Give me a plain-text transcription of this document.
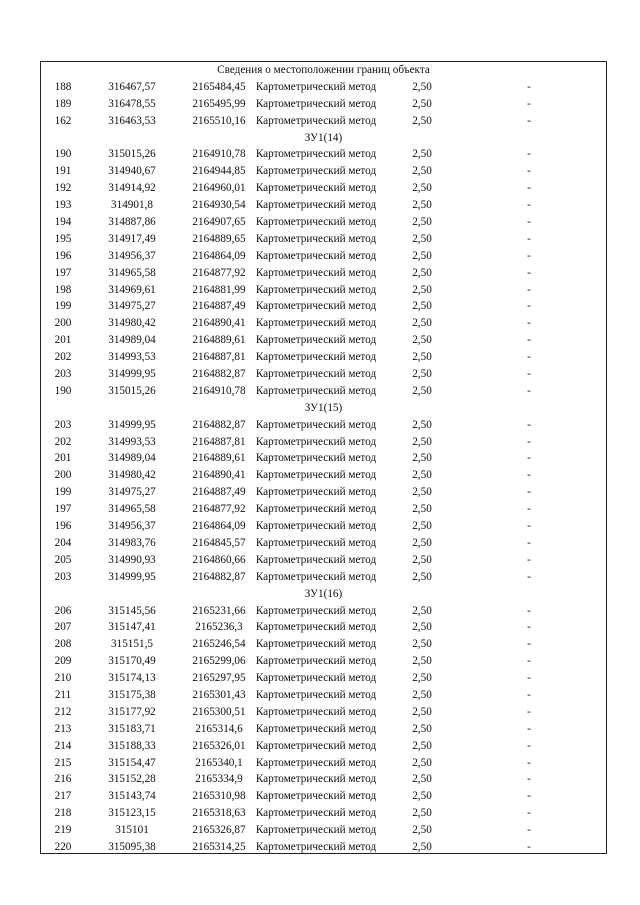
Сведения о местоположении границ объекта
188	316467,57	2165484,45 Картометрический метод	2,50	-
189	316478,55	2165495,99 Картометрический метод	2,50	-
162	316463,53	2165510,16 Картометрический метод	2,50	-
ЗУ1(14)
190	315015,26	2164910,78 Картометрический метод	2,50	-
191	314940,67	2164944,85 Картометрический метод	2,50	-
192	314914,92	2164960,01 Картометрический метод	2,50	-
193	314901,8	2164930,54 Картометрический метод	2,50	-
194	314887,86	2164907,65 Картометрический метод	2,50	-
195	314917,49	2164889,65 Картометрический метод	2,50	-
196	314956,37	2164864,09 Картометрический метод	2,50	-
197	314965,58	2164877,92 Картометрический метод	2,50	-
198	314969,61	2164881,99 Картометрический метод	2,50	-
199	314975,27	2164887,49 Картометрический метод	2,50	-
200	314980,42	2164890,41 Картометрический метод	2,50	-
201	314989,04	2164889,61 Картометрический метод	2,50	-
202	314993,53	2164887,81 Картометрический метод	2,50	-
203	314999,95	2164882,87 Картометрический метод	2,50	-
190	315015,26	2164910,78 Картометрический метод	2,50	-
ЗУ1(15)
203	314999,95	2164882,87 Картометрический метод	2,50	-
202	314993,53	2164887,81 Картометрический метод	2,50	-
201	314989,04	2164889,61 Картометрический метод	2,50	-
200	314980,42	2164890,41 Картометрический метод	2,50	-
199	314975,27	2164887,49 Картометрический метод	2,50	-
197	314965,58	2164877,92 Картометрический метод	2,50	-
196	314956,37	2164864,09 Картометрический метод	2,50	-
204	314983,76	2164845,57 Картометрический метод	2,50	-
205	314990,93	2164860,66 Картометрический метод	2,50	-
203	314999,95	2164882,87 Картометрический метод	2,50	-
ЗУ1(16)
206	315145,56	2165231,66 Картометрический метод	2,50	-
207	315147,41	2165236,3	Картометрический метод	2,50	-
208	315151,5	2165246,54 Картометрический метод	2,50	-
209	315170,49	2165299,06 Картометрический метод	2,50	-
210	315174,13	2165297,95 Картометрический метод	2,50	-
211	315175,38	2165301,43 Картометрический метод	2,50	-
212	315177,92	2165300,51 Картометрический метод	2,50	-
213	315183,71	2165314,6	Картометрический метод	2,50	-
214	315188,33	2165326,01 Картометрический метод	2,50	-
215	315154,47	2165340,1	Картометрический метод	2,50	-
216	315152,28	2165334,9	Картометрический метод	2,50	-
217	315143,74	2165310,98 Картометрический метод	2,50	-
218	315123,15	2165318,63 Картометрический метод	2,50	-
219	315101	2165326,87 Картометрический метод	2,50	-
220	315095,38	2165314,25 Картометрический метод	2,50	-
